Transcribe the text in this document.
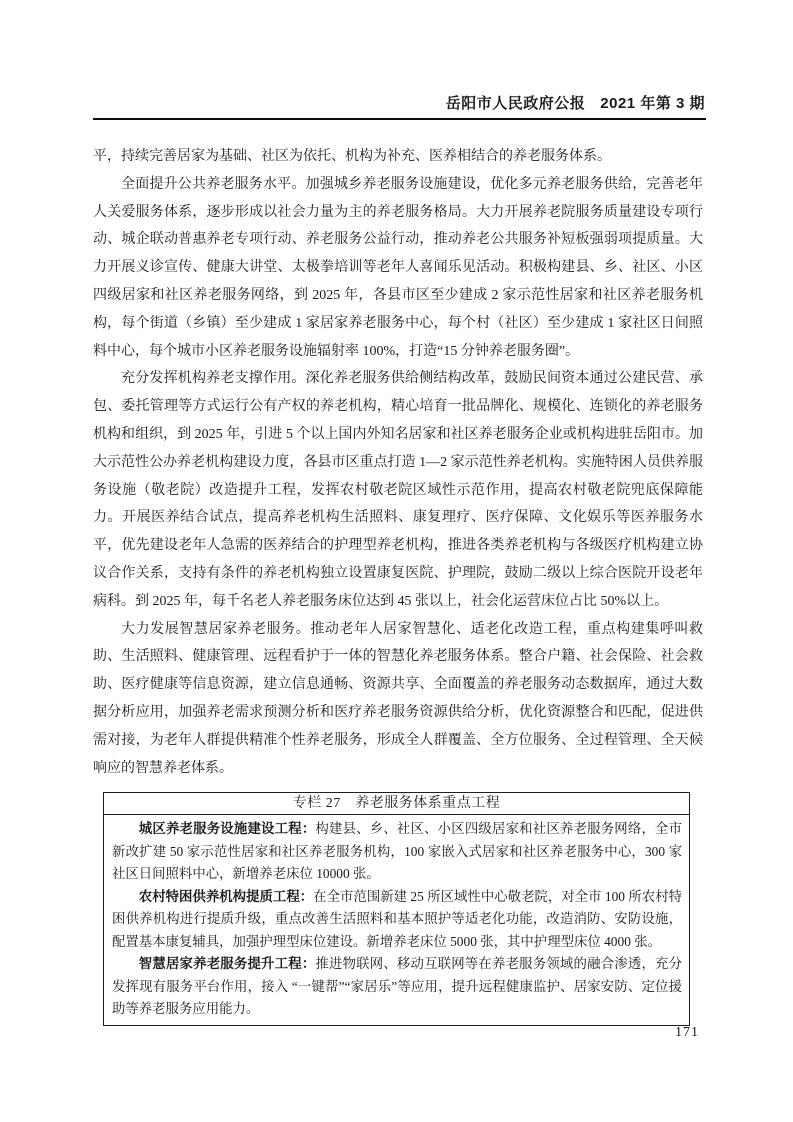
岳阳市人民政府公报 2021 年第 3 期

平，持续完善居家为基础、社区为依托、机构为补充、医养相结合的养老服务体系。

全面提升公共养老服务水平。加强城乡养老服务设施建设，优化多元养老服务供给，完善老年人关爱服务体系，逐步形成以社会力量为主的养老服务格局。大力开展养老院服务质量建设专项行动、城企联动普惠养老专项行动、养老服务公益行动，推动养老公共服务补短板强弱项提质量。大力开展义诊宣传、健康大讲堂、太极拳培训等老年人喜闻乐见活动。积极构建县、乡、社区、小区四级居家和社区养老服务网络，到 2025 年，各县市区至少建成 2 家示范性居家和社区养老服务机构，每个街道（乡镇）至少建成 1 家居家养老服务中心，每个村（社区）至少建成 1 家社区日间照料中心，每个城市小区养老服务设施辐射率 100%，打造“15 分钟养老服务圈”。

充分发挥机构养老支撑作用。深化养老服务供给侧结构改革，鼓励民间资本通过公建民营、承包、委托管理等方式运行公有产权的养老机构，精心培育一批品牌化、规模化、连锁化的养老服务机构和组织，到 2025 年，引进 5 个以上国内外知名居家和社区养老服务企业或机构进驻岳阳市。加大示范性公办养老机构建设力度，各县市区重点打造 1—2 家示范性养老机构。实施特困人员供养服务设施（敬老院）改造提升工程，发挥农村敬老院区域性示范作用，提高农村敬老院兜底保障能力。开展医养结合试点，提高养老机构生活照料、康复理疗、医疗保障、文化娱乐等医养服务水平，优先建设老年人急需的医养结合的护理型养老机构，推进各类养老机构与各级医疗机构建立协议合作关系，支持有条件的养老机构独立设置康复医院、护理院，鼓励二级以上综合医院开设老年病科。到 2025 年，每千名老人养老服务床位达到 45 张以上，社会化运营床位占比 50%以上。

大力发展智慧居家养老服务。推动老年人居家智慧化、适老化改造工程，重点构建集呼叫救助、生活照料、健康管理、远程看护于一体的智慧化养老服务体系。整合户籍、社会保险、社会救助、医疗健康等信息资源，建立信息通畅、资源共享、全面覆盖的养老服务动态数据库，通过大数据分析应用，加强养老需求预测分析和医疗养老服务资源供给分析，优化资源整合和匹配，促进供需对接，为老年人群提供精准个性养老服务，形成全人群覆盖、全方位服务、全过程管理、全天候响应的智慧养老体系。

专栏 27　养老服务体系重点工程

城区养老服务设施建设工程：构建县、乡、社区、小区四级居家和社区养老服务网络，全市新改扩建 50 家示范性居家和社区养老服务机构，100 家嵌入式居家和社区养老服务中心，300 家社区日间照料中心，新增养老床位 10000 张。

农村特困供养机构提质工程：在全市范围新建 25 所区域性中心敬老院，对全市 100 所农村特困供养机构进行提质升级，重点改善生活照料和基本照护等适老化功能，改造消防、安防设施，配置基本康复辅具，加强护理型床位建设。新增养老床位 5000 张，其中护理型床位 4000 张。

智慧居家养老服务提升工程：推进物联网、移动互联网等在养老服务领域的融合渗透，充分发挥现有服务平台作用，接入 “一键帮”“家居乐”等应用，提升远程健康监护、居家安防、定位援助等养老服务应用能力。

171
